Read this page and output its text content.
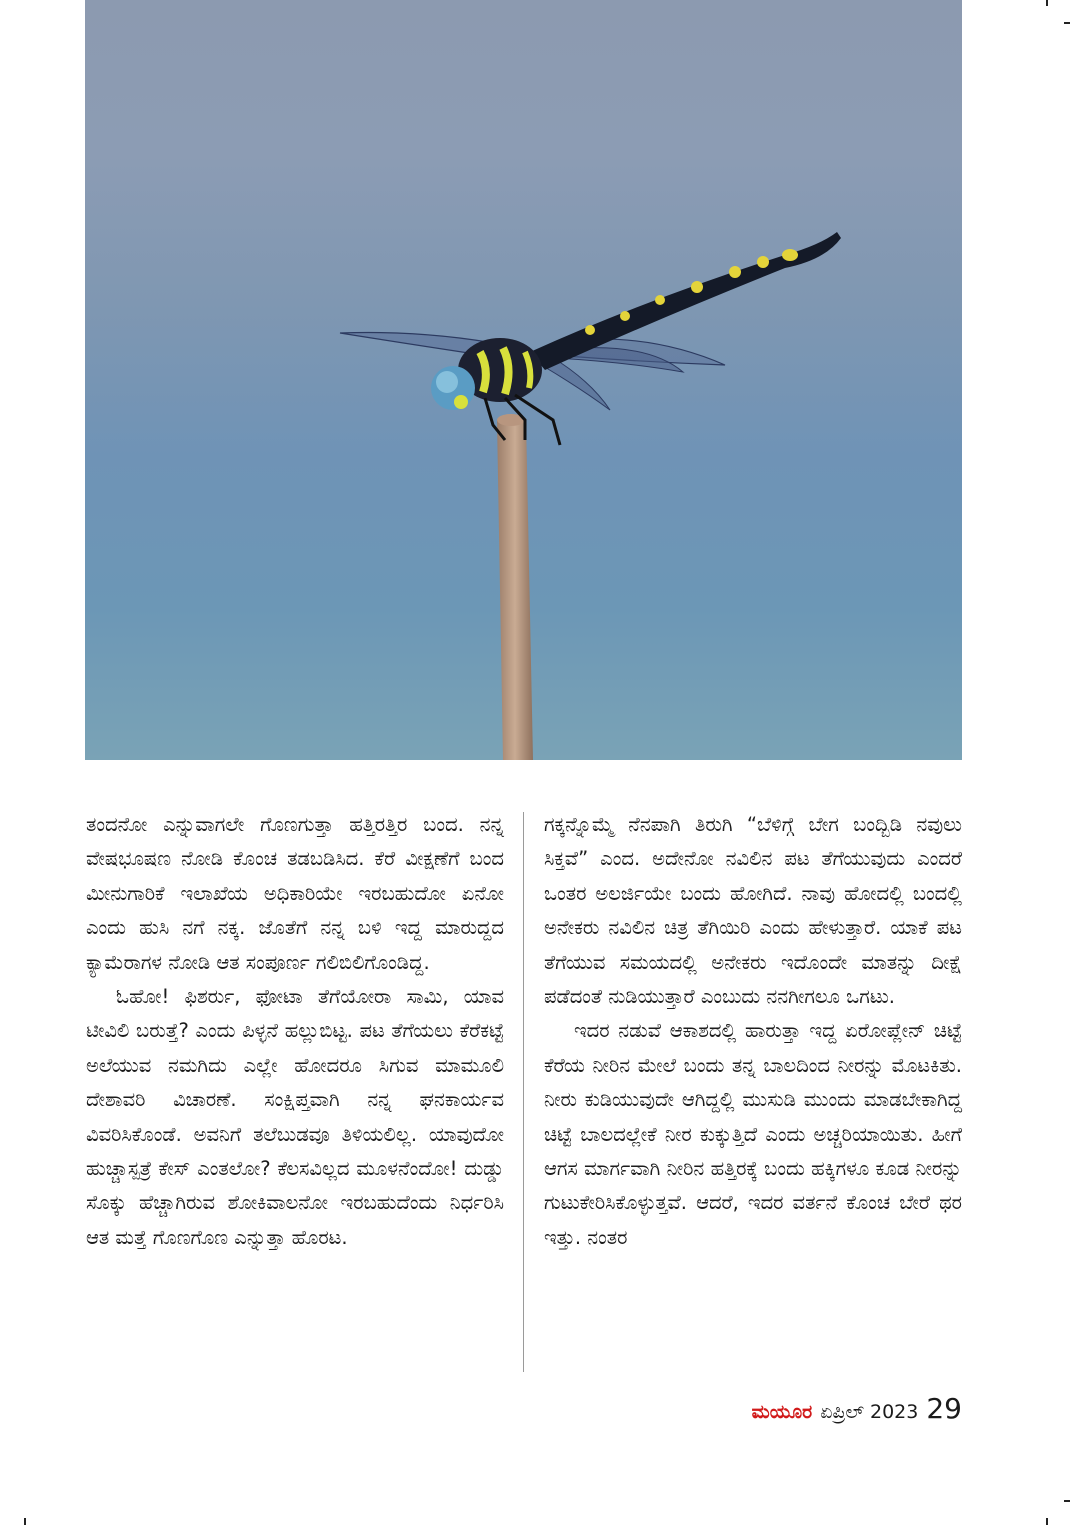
ತಂದನೋ ಎನ್ನುವಾಗಲೇ ಗೊಣಗುತ್ತಾ ಹತ್ತಿರತ್ತಿರ ಬಂದ. ನನ್ನ ವೇಷಭೂಷಣ ನೋಡಿ ಕೊಂಚ ತಡಬಡಿಸಿದ. ಕೆರೆ ವೀಕ್ಷಣೆಗೆ ಬಂದ ಮೀನುಗಾರಿಕೆ ಇಲಾಖೆಯ ಅಧಿಕಾರಿಯೇ ಇರಬಹುದೋ ಏನೋ ಎಂದು ಹುಸಿ ನಗೆ ನಕ್ಕ. ಜೊತೆಗೆ ನನ್ನ ಬಳಿ ಇದ್ದ ಮಾರುದ್ದದ ಕ್ಯಾಮೆರಾಗಳ ನೋಡಿ ಆತ ಸಂಪೂರ್ಣ ಗಲಿಬಿಲಿಗೊಂಡಿದ್ದ.

ಓಹೋ! ಫಿಶರ್ರು, ಫೋಟಾ ತೆಗೆಯೋರಾ ಸಾಮಿ, ಯಾವ ಟೀವಿಲಿ ಬರುತ್ತೆ? ಎಂದು ಪಿಳ್ಳನೆ ಹಲ್ಲುಬಿಟ್ಟ. ಪಟ ತೆಗೆಯಲು ಕೆರೆಕಟ್ಟೆ ಅಲೆಯುವ ನಮಗಿದು ಎಲ್ಲೇ ಹೋದರೂ ಸಿಗುವ ಮಾಮೂಲಿ ದೇಶಾವರಿ ವಿಚಾರಣೆ. ಸಂಕ್ಷಿಪ್ತವಾಗಿ ನನ್ನ ಘನಕಾರ್ಯವ ವಿವರಿಸಿಕೊಂಡೆ. ಅವನಿಗೆ ತಲೆಬುಡವೂ ತಿಳಿಯಲಿಲ್ಲ. ಯಾವುದೋ ಹುಚ್ಚಾಸ್ಪತ್ರೆ ಕೇಸ್ ಎಂತಲೋ? ಕೆಲಸವಿಲ್ಲದ ಮೂಳನೆಂದೋ! ದುಡ್ಡು ಸೊಕ್ಕು ಹೆಚ್ಚಾಗಿರುವ ಶೋಕಿವಾಲನೋ ಇರಬಹುದೆಂದು ನಿರ್ಧರಿಸಿ ಆತ ಮತ್ತೆ ಗೊಣಗೊಣ ಎನ್ನುತ್ತಾ ಹೊರಟ.

ಗಕ್ಕನ್ನೊಮ್ಮೆ ನೆನಪಾಗಿ ತಿರುಗಿ “ಬೆಳಿಗ್ಗೆ ಬೇಗ ಬಂದ್ಬಿಡಿ ನವುಲು ಸಿಕ್ತವೆ” ಎಂದ. ಅದೇನೋ ನವಿಲಿನ ಪಟ ತೆಗೆಯುವುದು ಎಂದರೆ ಒಂತರ ಅಲರ್ಜಿಯೇ ಬಂದು ಹೋಗಿದೆ. ನಾವು ಹೋದಲ್ಲಿ ಬಂದಲ್ಲಿ ಅನೇಕರು ನವಿಲಿನ ಚಿತ್ರ ತೆಗಿಯಿರಿ ಎಂದು ಹೇಳುತ್ತಾರೆ. ಯಾಕೆ ಪಟ ತೆಗೆಯುವ ಸಮಯದಲ್ಲಿ ಅನೇಕರು ಇದೊಂದೇ ಮಾತನ್ನು ದೀಕ್ಷೆ ಪಡೆದಂತೆ ನುಡಿಯುತ್ತಾರೆ ಎಂಬುದು ನನಗೀಗಲೂ ಒಗಟು.

ಇದರ ನಡುವೆ ಆಕಾಶದಲ್ಲಿ ಹಾರುತ್ತಾ ಇದ್ದ ಏರೋಪ್ಲೇನ್ ಚಿಟ್ಟೆ ಕೆರೆಯ ನೀರಿನ ಮೇಲೆ ಬಂದು ತನ್ನ ಬಾಲದಿಂದ ನೀರನ್ನು ಮೊಟಕಿತು. ನೀರು ಕುಡಿಯುವುದೇ ಆಗಿದ್ದಲ್ಲಿ ಮುಸುಡಿ ಮುಂದು ಮಾಡಬೇಕಾಗಿದ್ದ ಚಿಟ್ಟೆ ಬಾಲದಲ್ಲೇಕೆ ನೀರ ಕುಕ್ಕುತ್ತಿದೆ ಎಂದು ಅಚ್ಚರಿಯಾಯಿತು. ಹೀಗೆ ಆಗಸ ಮಾರ್ಗವಾಗಿ ನೀರಿನ ಹತ್ತಿರಕ್ಕೆ ಬಂದು ಹಕ್ಕಿಗಳೂ ಕೂಡ ನೀರನ್ನು ಗುಟುಕೇರಿಸಿಕೊಳ್ಳುತ್ತವೆ. ಆದರೆ, ಇದರ ವರ್ತನೆ ಕೊಂಚ ಬೇರೆ ಥರ ಇತ್ತು. ನಂತರ

ಮಯೂರ ಏಪ್ರಿಲ್ 2023 29
